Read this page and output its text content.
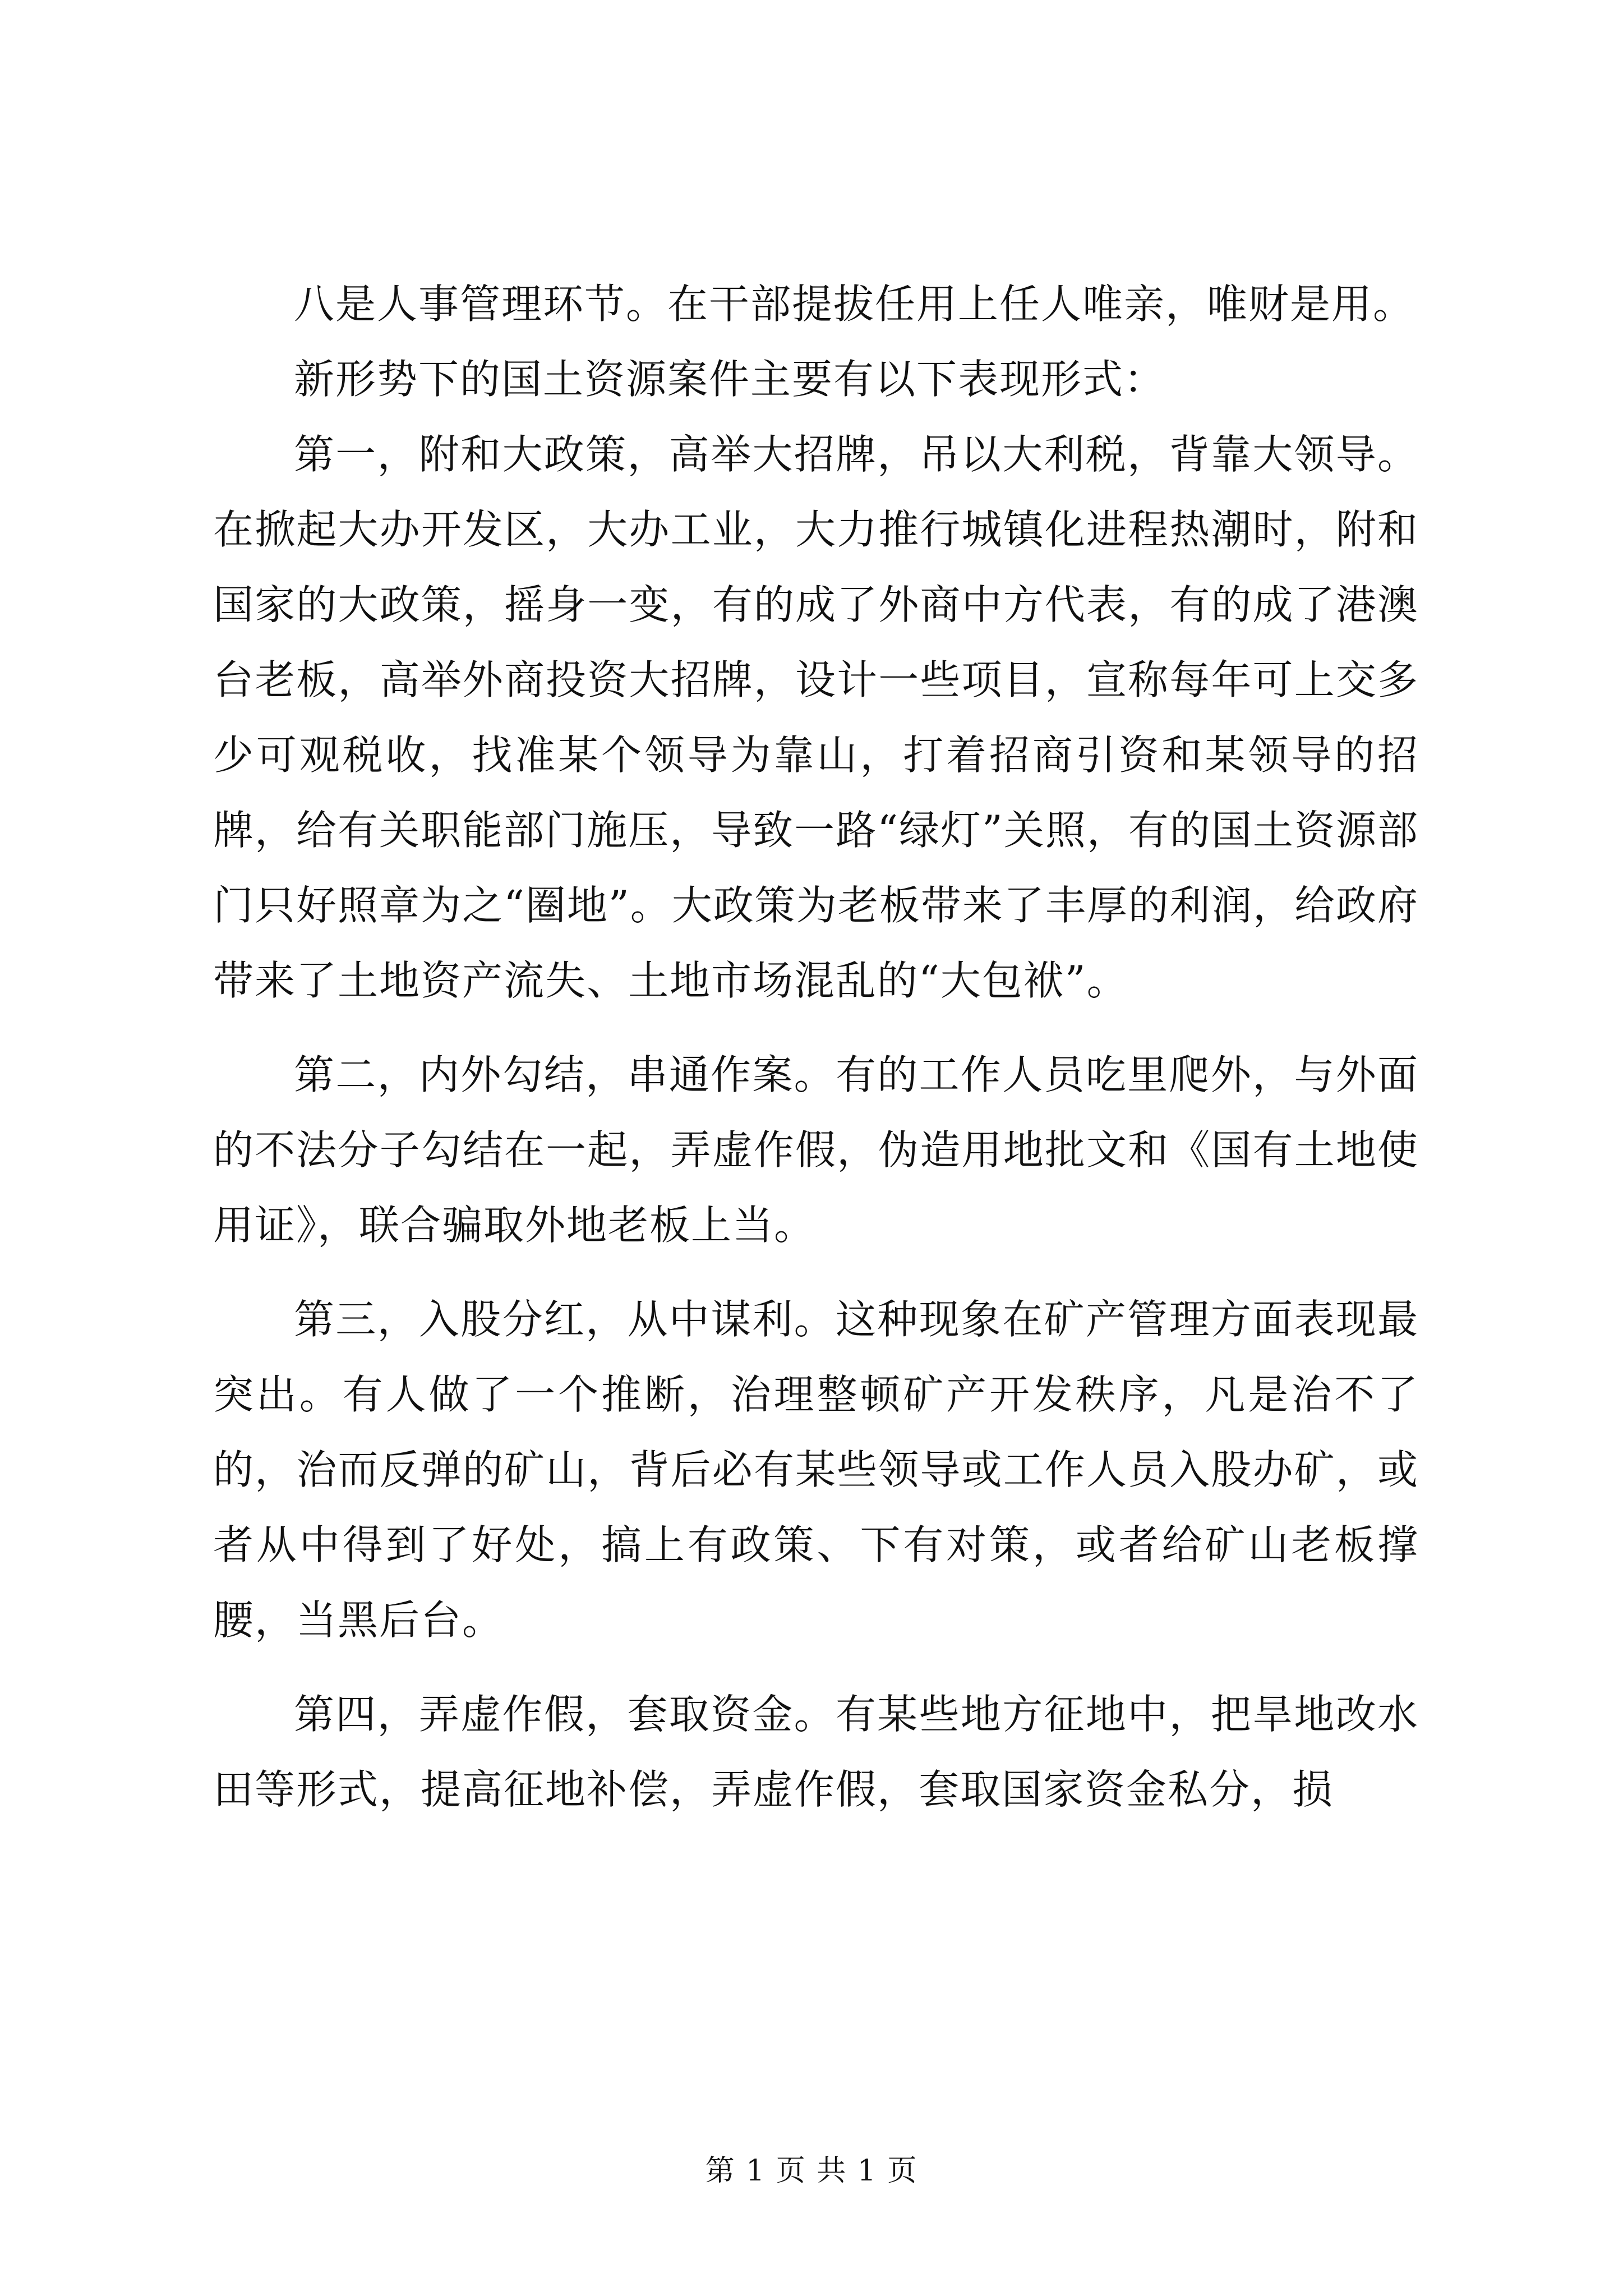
八是人事管理环节。在干部提拔任用上任人唯亲，唯财是用。

新形势下的国土资源案件主要有以下表现形式：

第一，附和大政策，高举大招牌，吊以大利税，背靠大领导。在掀起大办开发区，大办工业，大力推行城镇化进程热潮时，附和国家的大政策，摇身一变，有的成了外商中方代表，有的成了港澳台老板，高举外商投资大招牌，设计一些项目，宣称每年可上交多少可观税收，找准某个领导为靠山，打着招商引资和某领导的招牌，给有关职能部门施压，导致一路“绿灯”关照，有的国土资源部门只好照章为之“圈地”。大政策为老板带来了丰厚的利润，给政府带来了土地资产流失、土地市场混乱的“大包袱”。

第二，内外勾结，串通作案。有的工作人员吃里爬外，与外面的不法分子勾结在一起，弄虚作假，伪造用地批文和《国有土地使用证》，联合骗取外地老板上当。

第三，入股分红，从中谋利。这种现象在矿产管理方面表现最突出。有人做了一个推断，治理整顿矿产开发秩序，凡是治不了的，治而反弹的矿山，背后必有某些领导或工作人员入股办矿，或者从中得到了好处，搞上有政策、下有对策，或者给矿山老板撑腰，当黑后台。

第四，弄虚作假，套取资金。有某些地方征地中，把旱地改水田等形式，提高征地补偿，弄虚作假，套取国家资金私分，损

第 1 页 共 1 页
